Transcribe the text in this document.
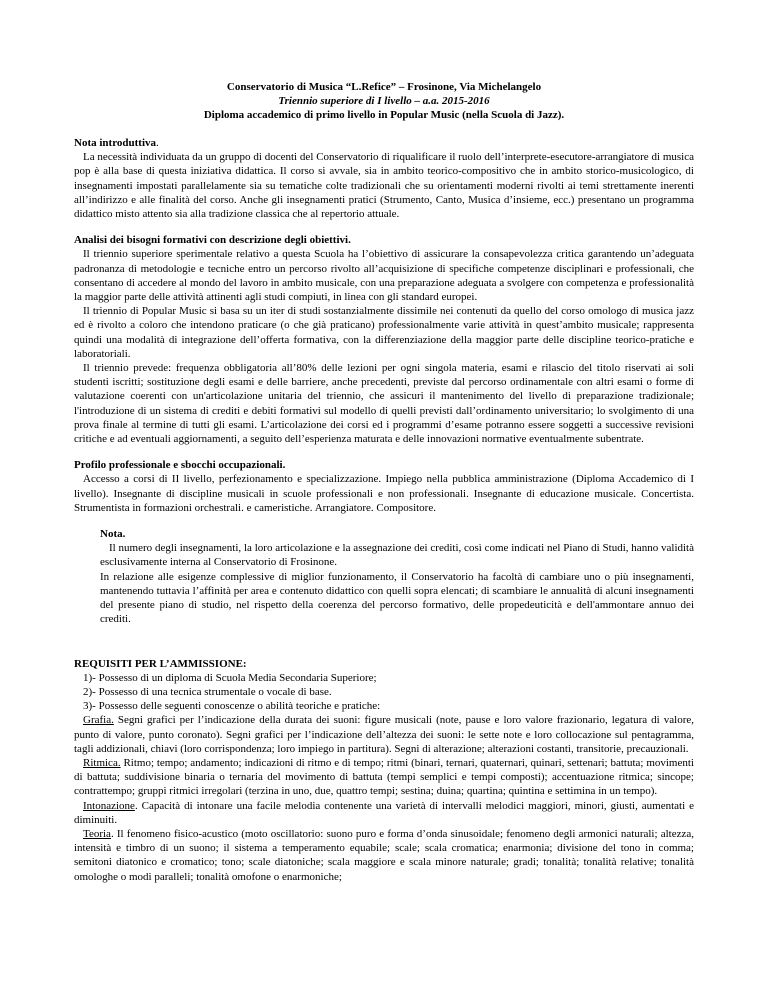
Conservatorio di Musica “L.Refice” – Frosinone, Via Michelangelo
Triennio superiore di I livello – a.a. 2015-2016
Diploma accademico di primo livello in Popular Music (nella Scuola di Jazz).
Nota introduttiva.

La necessità individuata da un gruppo di docenti del Conservatorio di riqualificare il ruolo dell’interprete-esecutore-arrangiatore di musica pop è alla base di questa iniziativa didattica. Il corso si avvale, sia in ambito teorico-compositivo che in ambito storico-musicologico, di insegnamenti impostati parallelamente sia su tematiche colte tradizionali che su orientamenti moderni rivolti ai temi strettamente inerenti all’indirizzo e alle finalità del corso. Anche gli insegnamenti pratici (Strumento, Canto, Musica d’insieme, ecc.) presentano un programma didattico misto attento sia alla tradizione classica che al repertorio attuale.

Analisi dei bisogni formativi con descrizione degli obiettivi.

Il triennio superiore sperimentale relativo a questa Scuola ha l’obiettivo di assicurare la consapevolezza critica garantendo un’adeguata padronanza di metodologie e tecniche entro un percorso rivolto all’acquisizione di specifiche competenze disciplinari e professionali, che consentano di accedere al mondo del lavoro in ambito musicale, con una preparazione adeguata a svolgere con competenza e professionalità la maggior parte delle attività attinenti agli studi compiuti, in linea con gli standard europei.

Il triennio di Popular Music si basa su un iter di studi sostanzialmente dissimile nei contenuti da quello del corso omologo di musica jazz ed è rivolto a coloro che intendono praticare (o che già praticano) professionalmente varie attività in quest’ambito musicale; rappresenta quindi una modalità di integrazione dell’offerta formativa, con la differenziazione della maggior parte delle discipline teorico-pratiche e laboratoriali.

Il triennio prevede: frequenza obbligatoria all’80% delle lezioni per ogni singola materia, esami e rilascio del titolo riservati ai soli studenti iscritti; sostituzione degli esami e delle barriere, anche precedenti, previste dal percorso ordinamentale con altri esami o forme di valutazione coerenti con un'articolazione unitaria del triennio, che assicuri il mantenimento del livello di preparazione tradizionale; l'introduzione di un sistema di crediti e debiti formativi sul modello di quelli previsti dall’ordinamento universitario; lo svolgimento di una prova finale al termine di tutti gli esami. L’articolazione dei corsi ed i programmi d’esame potranno essere soggetti a successive revisioni critiche e ad eventuali aggiornamenti, a seguito dell’esperienza maturata e delle innovazioni normative eventualmente subentrate.

Profilo professionale e sbocchi occupazionali.

Accesso a corsi di II livello, perfezionamento e specializzazione. Impiego nella pubblica amministrazione (Diploma Accademico di I livello). Insegnante di discipline musicali in scuole professionali e non professionali. Insegnante di educazione musicale. Concertista. Strumentista in formazioni orchestrali. e cameristiche. Arrangiatore. Compositore.

Nota.

Il numero degli insegnamenti, la loro articolazione e la assegnazione dei crediti, così come indicati nel Piano di Studi, hanno validità esclusivamente interna al Conservatorio di Frosinone.

In relazione alle esigenze complessive di miglior funzionamento, il Conservatorio ha facoltà di cambiare uno o più insegnamenti, mantenendo tuttavia l’affinità per area e contenuto didattico con quelli sopra elencati; di scambiare le annualità di alcuni insegnamenti del presente piano di studio, nel rispetto della coerenza del percorso formativo, delle propedeuticità e dell'ammontare annuo dei crediti.

REQUISITI PER L’AMMISSIONE:

1)- Possesso di un diploma di Scuola Media Secondaria Superiore;

2)- Possesso di una tecnica strumentale o vocale di base.

3)- Possesso delle seguenti conoscenze o abilità teoriche e pratiche:

Grafia. Segni grafici per l’indicazione della durata dei suoni: figure musicali (note, pause e loro valore frazionario, legatura di valore, punto di valore, punto coronato). Segni grafici per l’indicazione dell’altezza dei suoni: le sette note e loro collocazione sul pentagramma, tagli addizionali, chiavi (loro corrispondenza; loro impiego in partitura). Segni di alterazione; alterazioni costanti, transitorie, precauzionali.

Ritmica. Ritmo; tempo; andamento; indicazioni di ritmo e di tempo; ritmi (binari, ternari, quaternari, quinari, settenari; battuta; movimenti di battuta; suddivisione binaria o ternaria del movimento di battuta (tempi semplici e tempi composti); accentuazione ritmica; sincope; contrattempo; gruppi ritmici irregolari (terzina in uno, due, quattro tempi; sestina; duina; quartina; quintina e settimina in un tempo).

Intonazione. Capacità di intonare una facile melodia contenente una varietà di intervalli melodici maggiori, minori, giusti, aumentati e diminuiti.

Teoria. Il fenomeno fisico-acustico (moto oscillatorio: suono puro e forma d’onda sinusoidale; fenomeno degli armonici naturali; altezza, intensità e timbro di un suono; il sistema a temperamento equabile; scale; scala cromatica; enarmonia; divisione del tono in comma; semitoni diatonico e cromatico; tono; scale diatoniche; scala maggiore e scala minore naturale; gradi; tonalità; tonalità relative; tonalità omologhe o modi paralleli; tonalità omofone o enarmoniche;
